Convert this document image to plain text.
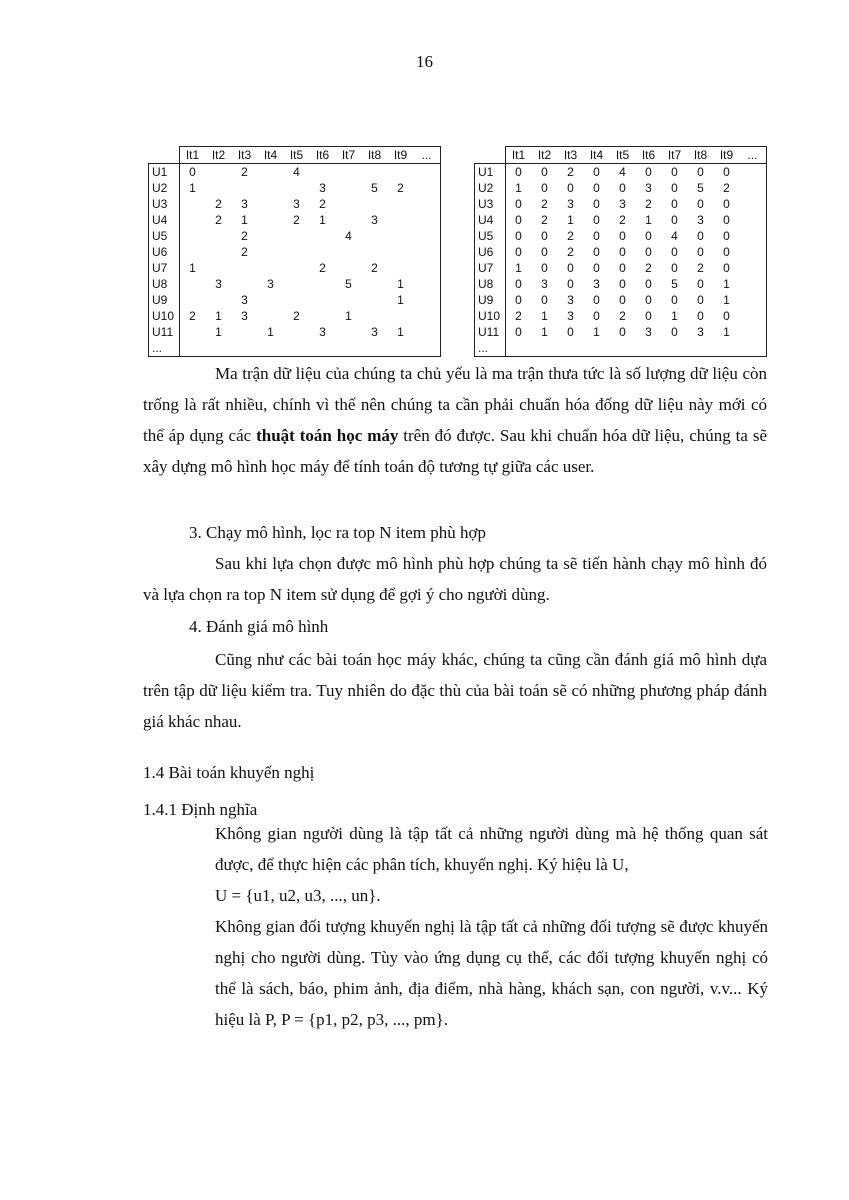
16
	It1	It2	It3	It4	It5	It6	It7	It8	It9	...
U1	0		2		4					
U2	1					3		5	2	
U3		2	3		3	2				
U4		2	1		2	1		3		
U5			2				4			
U6			2							
U7	1					2		2		
U8		3		3			5		1	
U9			3						1	
U10	2	1	3		2		1			
U11		1		1		3		3	1	
...										
	It1	It2	It3	It4	It5	It6	It7	It8	It9	...
U1	0	0	2	0	4	0	0	0	0	
U2	1	0	0	0	0	3	0	5	2	
U3	0	2	3	0	3	2	0	0	0	
U4	0	2	1	0	2	1	0	3	0	
U5	0	0	2	0	0	0	4	0	0	
U6	0	0	2	0	0	0	0	0	0	
U7	1	0	0	0	0	2	0	2	0	
U8	0	3	0	3	0	0	5	0	1	
U9	0	0	3	0	0	0	0	0	1	
U10	2	1	3	0	2	0	1	0	0	
U11	0	1	0	1	0	3	0	3	1	
...										
Ma trận dữ liệu của chúng ta chủ yếu là ma trận thưa tức là số lượng dữ liệu còn trống là rất nhiều, chính vì thế nên chúng ta cần phải chuẩn hóa đống dữ liệu này mới có thể áp dụng các thuật toán học máy trên đó được. Sau khi chuẩn hóa dữ liệu, chúng ta sẽ xây dựng mô hình học máy để tính toán độ tương tự giữa các user.
3. Chạy mô hình, lọc ra top N item phù hợp
Sau khi lựa chọn được mô hình phù hợp chúng ta sẽ tiến hành chạy mô hình đó và lựa chọn ra top N item sử dụng để gợi ý cho người dùng.
4. Đánh giá mô hình
Cũng như các bài toán học máy khác, chúng ta cũng cần đánh giá mô hình dựa trên tập dữ liệu kiểm tra. Tuy nhiên do đặc thù của bài toán sẽ có những phương pháp đánh giá khác nhau.
1.4 Bài toán khuyến nghị
1.4.1 Định nghĩa
Không gian người dùng là tập tất cả những người dùng mà hệ thống quan sát được, để thực hiện các phân tích, khuyến nghị. Ký hiệu là U,
U = {u1, u2, u3, ..., un}.
Không gian đối tượng khuyến nghị là tập tất cả những đối tượng sẽ được khuyến nghị cho người dùng. Tùy vào ứng dụng cụ thể, các đối tượng khuyến nghị có thể là sách, báo, phim ảnh, địa điểm, nhà hàng, khách sạn, con người, v.v... Ký hiệu là P, P = {p1, p2, p3, ..., pm}.
